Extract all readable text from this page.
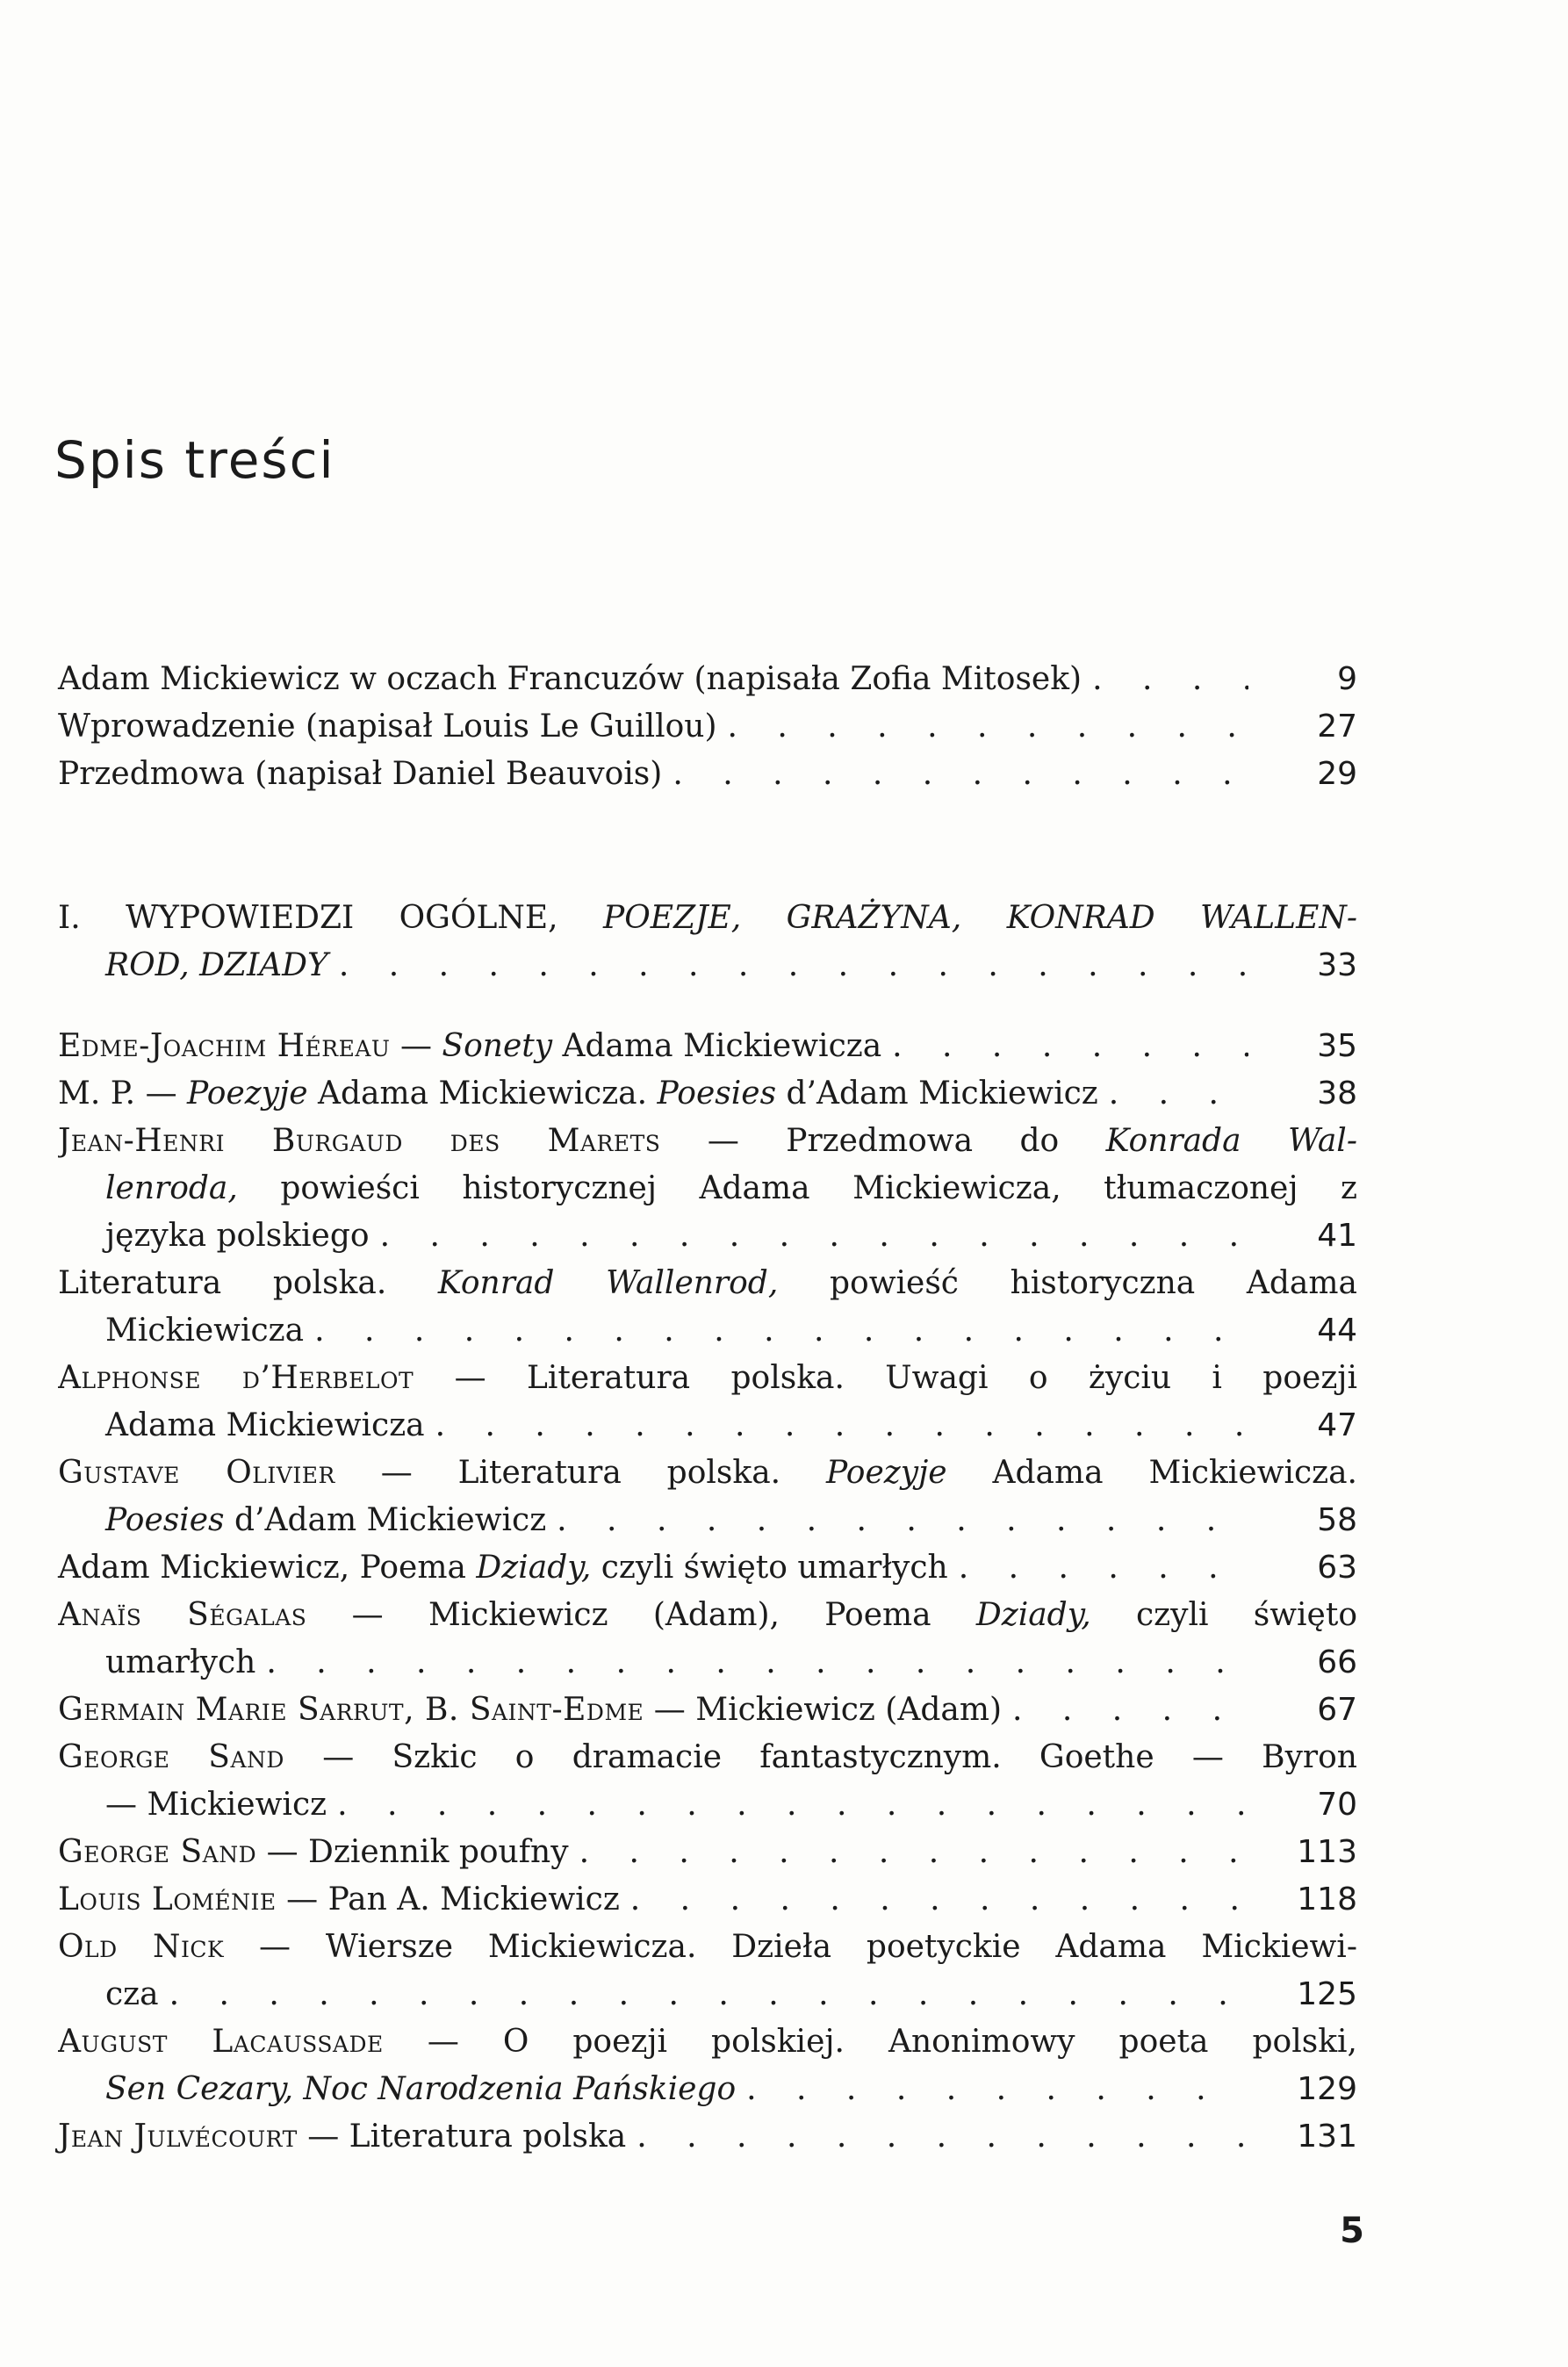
Spis treści
Adam Mickiewicz w oczach Francuzów (napisała Zofia Mitosek) . . .	9
Wprowadzenie (napisał Louis Le Guillou) . . .	27
Przedmowa (napisał Daniel Beauvois) . . .	29
I. WYPOWIEDZI OGÓLNE, POEZJE, GRAŻYNA, KONRAD WALLEN-
ROD, DZIADY . . .	33
Edme-Joachim Héreau — Sonety Adama Mickiewicza . . .	35
M. P. — Poezyje Adama Mickiewicza. Poesies d’Adam Mickiewicz . . .	38
Jean-Henri Burgaud des Marets — Przedmowa do Konrada Wal-
lenroda, powieści historycznej Adama Mickiewicza, tłumaczonej z
języka polskiego . . .	41
Literatura polska. Konrad Wallenrod, powieść historyczna Adama
Mickiewicza . . .	44
Alphonse d’Herbelot — Literatura polska. Uwagi o życiu i poezji
Adama Mickiewicza . . .	47
Gustave Olivier — Literatura polska. Poezyje Adama Mickiewicza.
Poesies d’Adam Mickiewicz . . .	58
Adam Mickiewicz, Poema Dziady, czyli święto umarłych . . .	63
Anaïs Ségalas — Mickiewicz (Adam), Poema Dziady, czyli święto
umarłych . . .	66
Germain Marie Sarrut, B. Saint-Edme — Mickiewicz (Adam) . . .	67
George Sand — Szkic o dramacie fantastycznym. Goethe — Byron
— Mickiewicz . . .	70
George Sand — Dziennik poufny . . .	113
Louis Loménie — Pan A. Mickiewicz . . .	118
Old Nick — Wiersze Mickiewicza. Dzieła poetyckie Adama Mickiewi-
cza . . .	125
August Lacaussade — O poezji polskiej. Anonimowy poeta polski,
Sen Cezary, Noc Narodzenia Pańskiego . . .	129
Jean Julvécourt — Literatura polska . . .	131
5
